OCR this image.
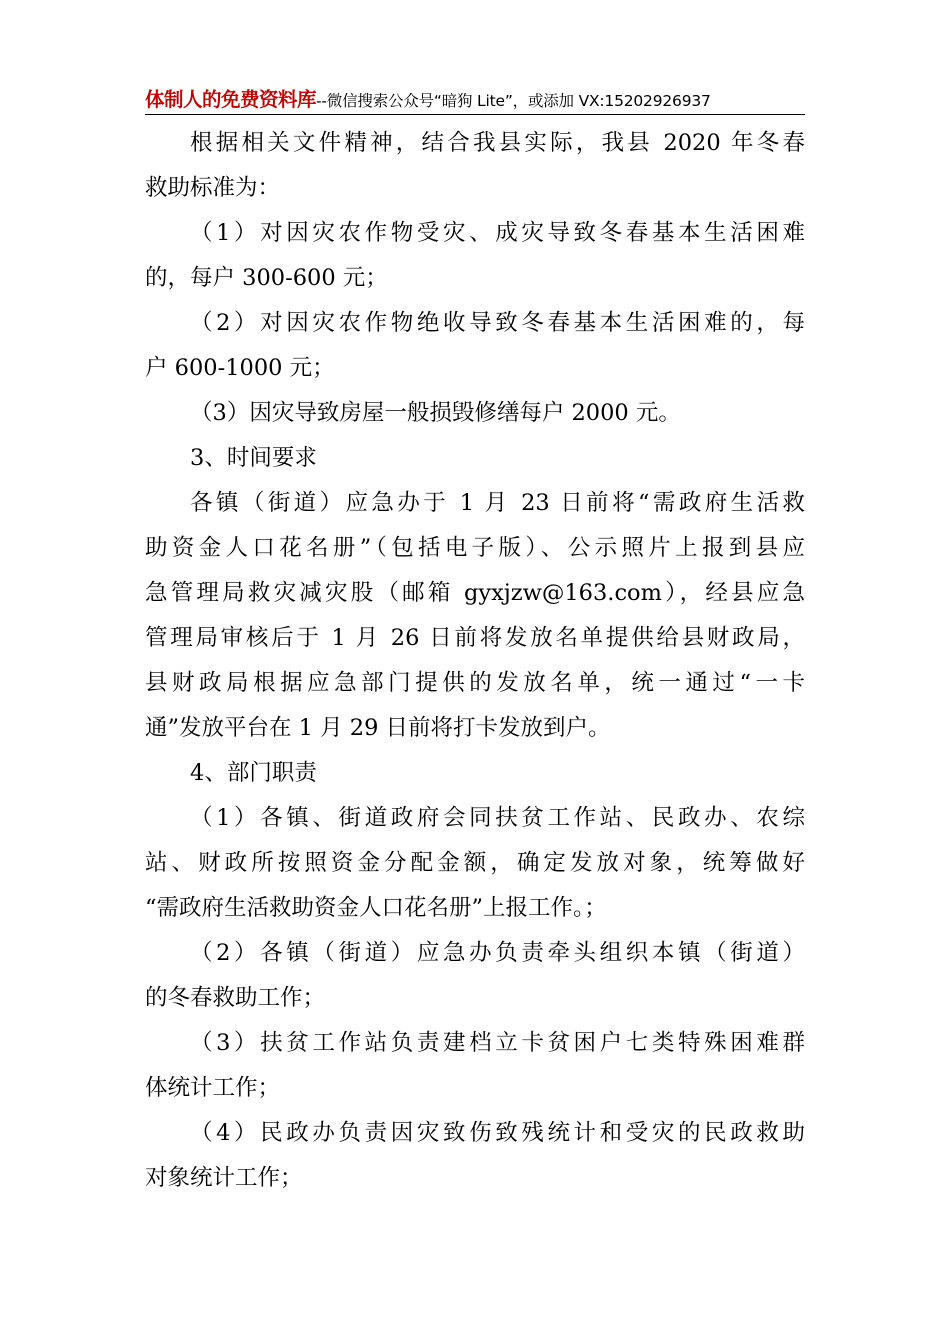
体制人的免费资料库--微信搜索公众号“暗狗 Lite”，或添加 VX:15202926937
根据相关文件精神，结合我县实际，我县 2020 年冬春
救助标准为：
（1）对因灾农作物受灾、成灾导致冬春基本生活困难
的，每户 300-600 元；
（2）对因灾农作物绝收导致冬春基本生活困难的，每
户 600-1000 元；
（3）因灾导致房屋一般损毁修缮每户 2000 元。
3、时间要求
各镇（街道）应急办于 1 月 23 日前将“需政府生活救
助资金人口花名册”（包括电子版）、公示照片上报到县应
急管理局救灾减灾股（邮箱 gyxjzw@163.com），经县应急
管理局审核后于 1 月 26 日前将发放名单提供给县财政局，
县财政局根据应急部门提供的发放名单，统一通过“一卡
通”发放平台在 1 月 29 日前将打卡发放到户。
4、部门职责
（1）各镇、街道政府会同扶贫工作站、民政办、农综
站、财政所按照资金分配金额，确定发放对象，统筹做好
“需政府生活救助资金人口花名册”上报工作。；
（2）各镇（街道）应急办负责牵头组织本镇（街道）
的冬春救助工作；
（3）扶贫工作站负责建档立卡贫困户七类特殊困难群
体统计工作；
（4）民政办负责因灾致伤致残统计和受灾的民政救助
对象统计工作；
